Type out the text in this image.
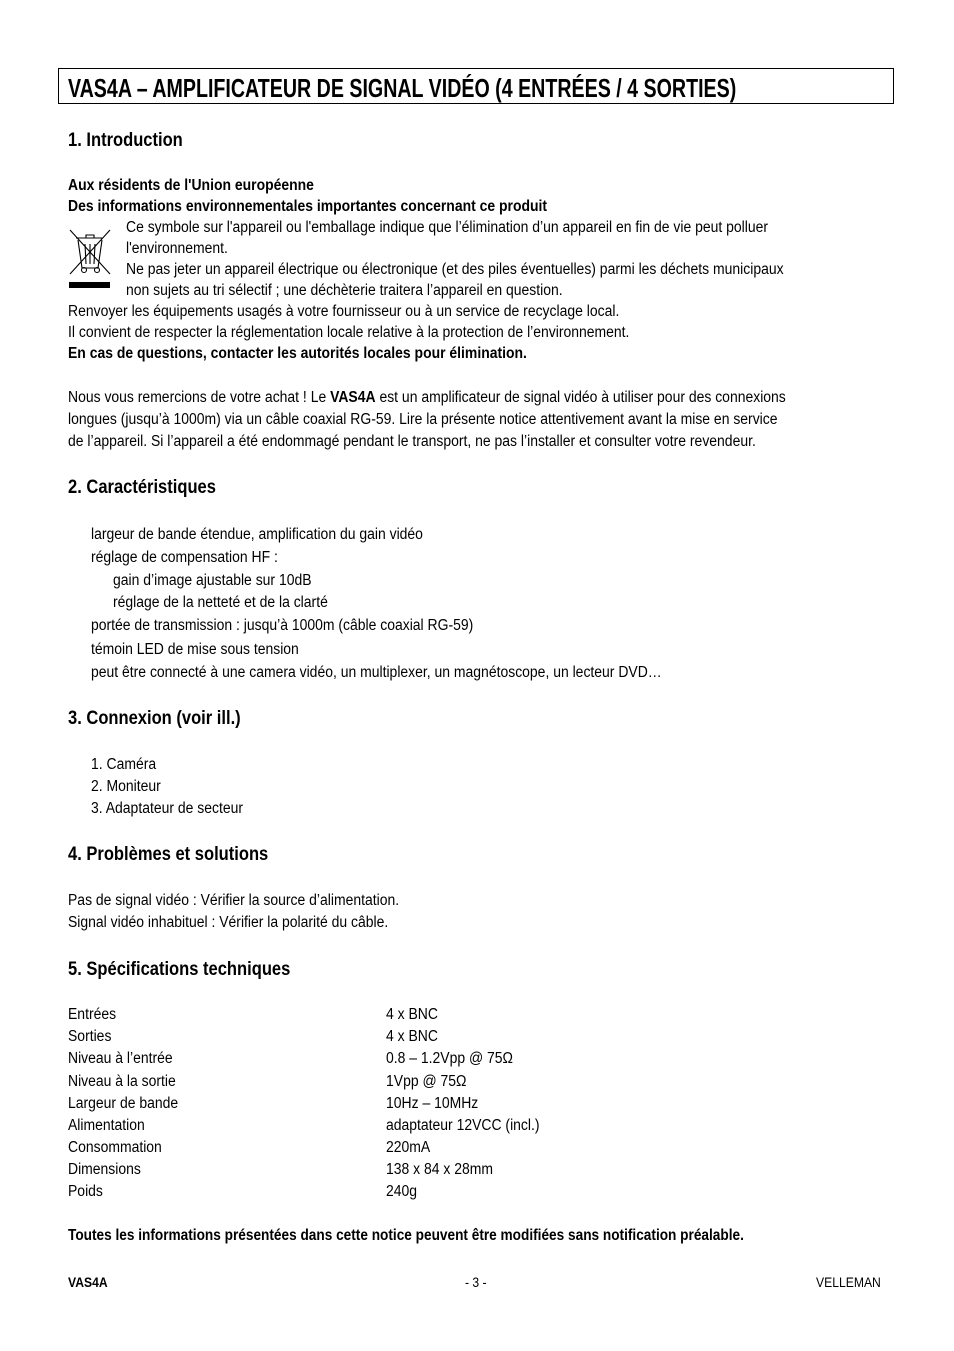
VAS4A – AMPLIFICATEUR DE SIGNAL VIDÉO (4 ENTRÉES / 4 SORTIES)
1. Introduction
Aux résidents de l'Union européenne
Des informations environnementales importantes concernant ce produit
Ce symbole sur l'appareil ou l'emballage indique que l’élimination d’un appareil en fin de vie peut polluer
l'environnement.
Ne pas jeter un appareil électrique ou électronique (et des piles éventuelles) parmi les déchets municipaux
non sujets au tri sélectif ; une déchèterie traitera l’appareil en question.
Renvoyer les équipements usagés à votre fournisseur ou à un service de recyclage local.
Il convient de respecter la réglementation locale relative à la protection de l’environnement.
En cas de questions, contacter les autorités locales pour élimination.
Nous vous remercions de votre achat ! Le VAS4A est un amplificateur de signal vidéo à utiliser pour des connexions
longues (jusqu’à 1000m) via un câble coaxial RG-59. Lire la présente notice attentivement avant la mise en service
de l’appareil. Si l’appareil a été endommagé pendant le transport, ne pas l’installer et consulter votre revendeur.
2. Caractéristiques
largeur de bande étendue, amplification du gain vidéo
réglage de compensation HF :
gain d’image ajustable sur 10dB
réglage de la netteté et de la clarté
portée de transmission : jusqu’à 1000m (câble coaxial RG-59)
témoin LED de mise sous tension
peut être connecté à une camera vidéo, un multiplexer, un magnétoscope, un lecteur DVD…
3. Connexion (voir ill.)
1. Caméra
2. Moniteur
3. Adaptateur de secteur
4. Problèmes et solutions
Pas de signal vidéo : Vérifier la source d’alimentation.
Signal vidéo inhabituel : Vérifier la polarité du câble.
5. Spécifications techniques
Entrées	4 x BNC
Sorties	4 x BNC
Niveau à l’entrée	0.8 – 1.2Vpp @ 75Ω
Niveau à la sortie	1Vpp @ 75Ω
Largeur de bande	10Hz – 10MHz
Alimentation	adaptateur 12VCC (incl.)
Consommation	220mA
Dimensions	138 x 84 x 28mm
Poids	240g
Toutes les informations présentées dans cette notice peuvent être modifiées sans notification préalable.
VAS4A	- 3 -	VELLEMAN
